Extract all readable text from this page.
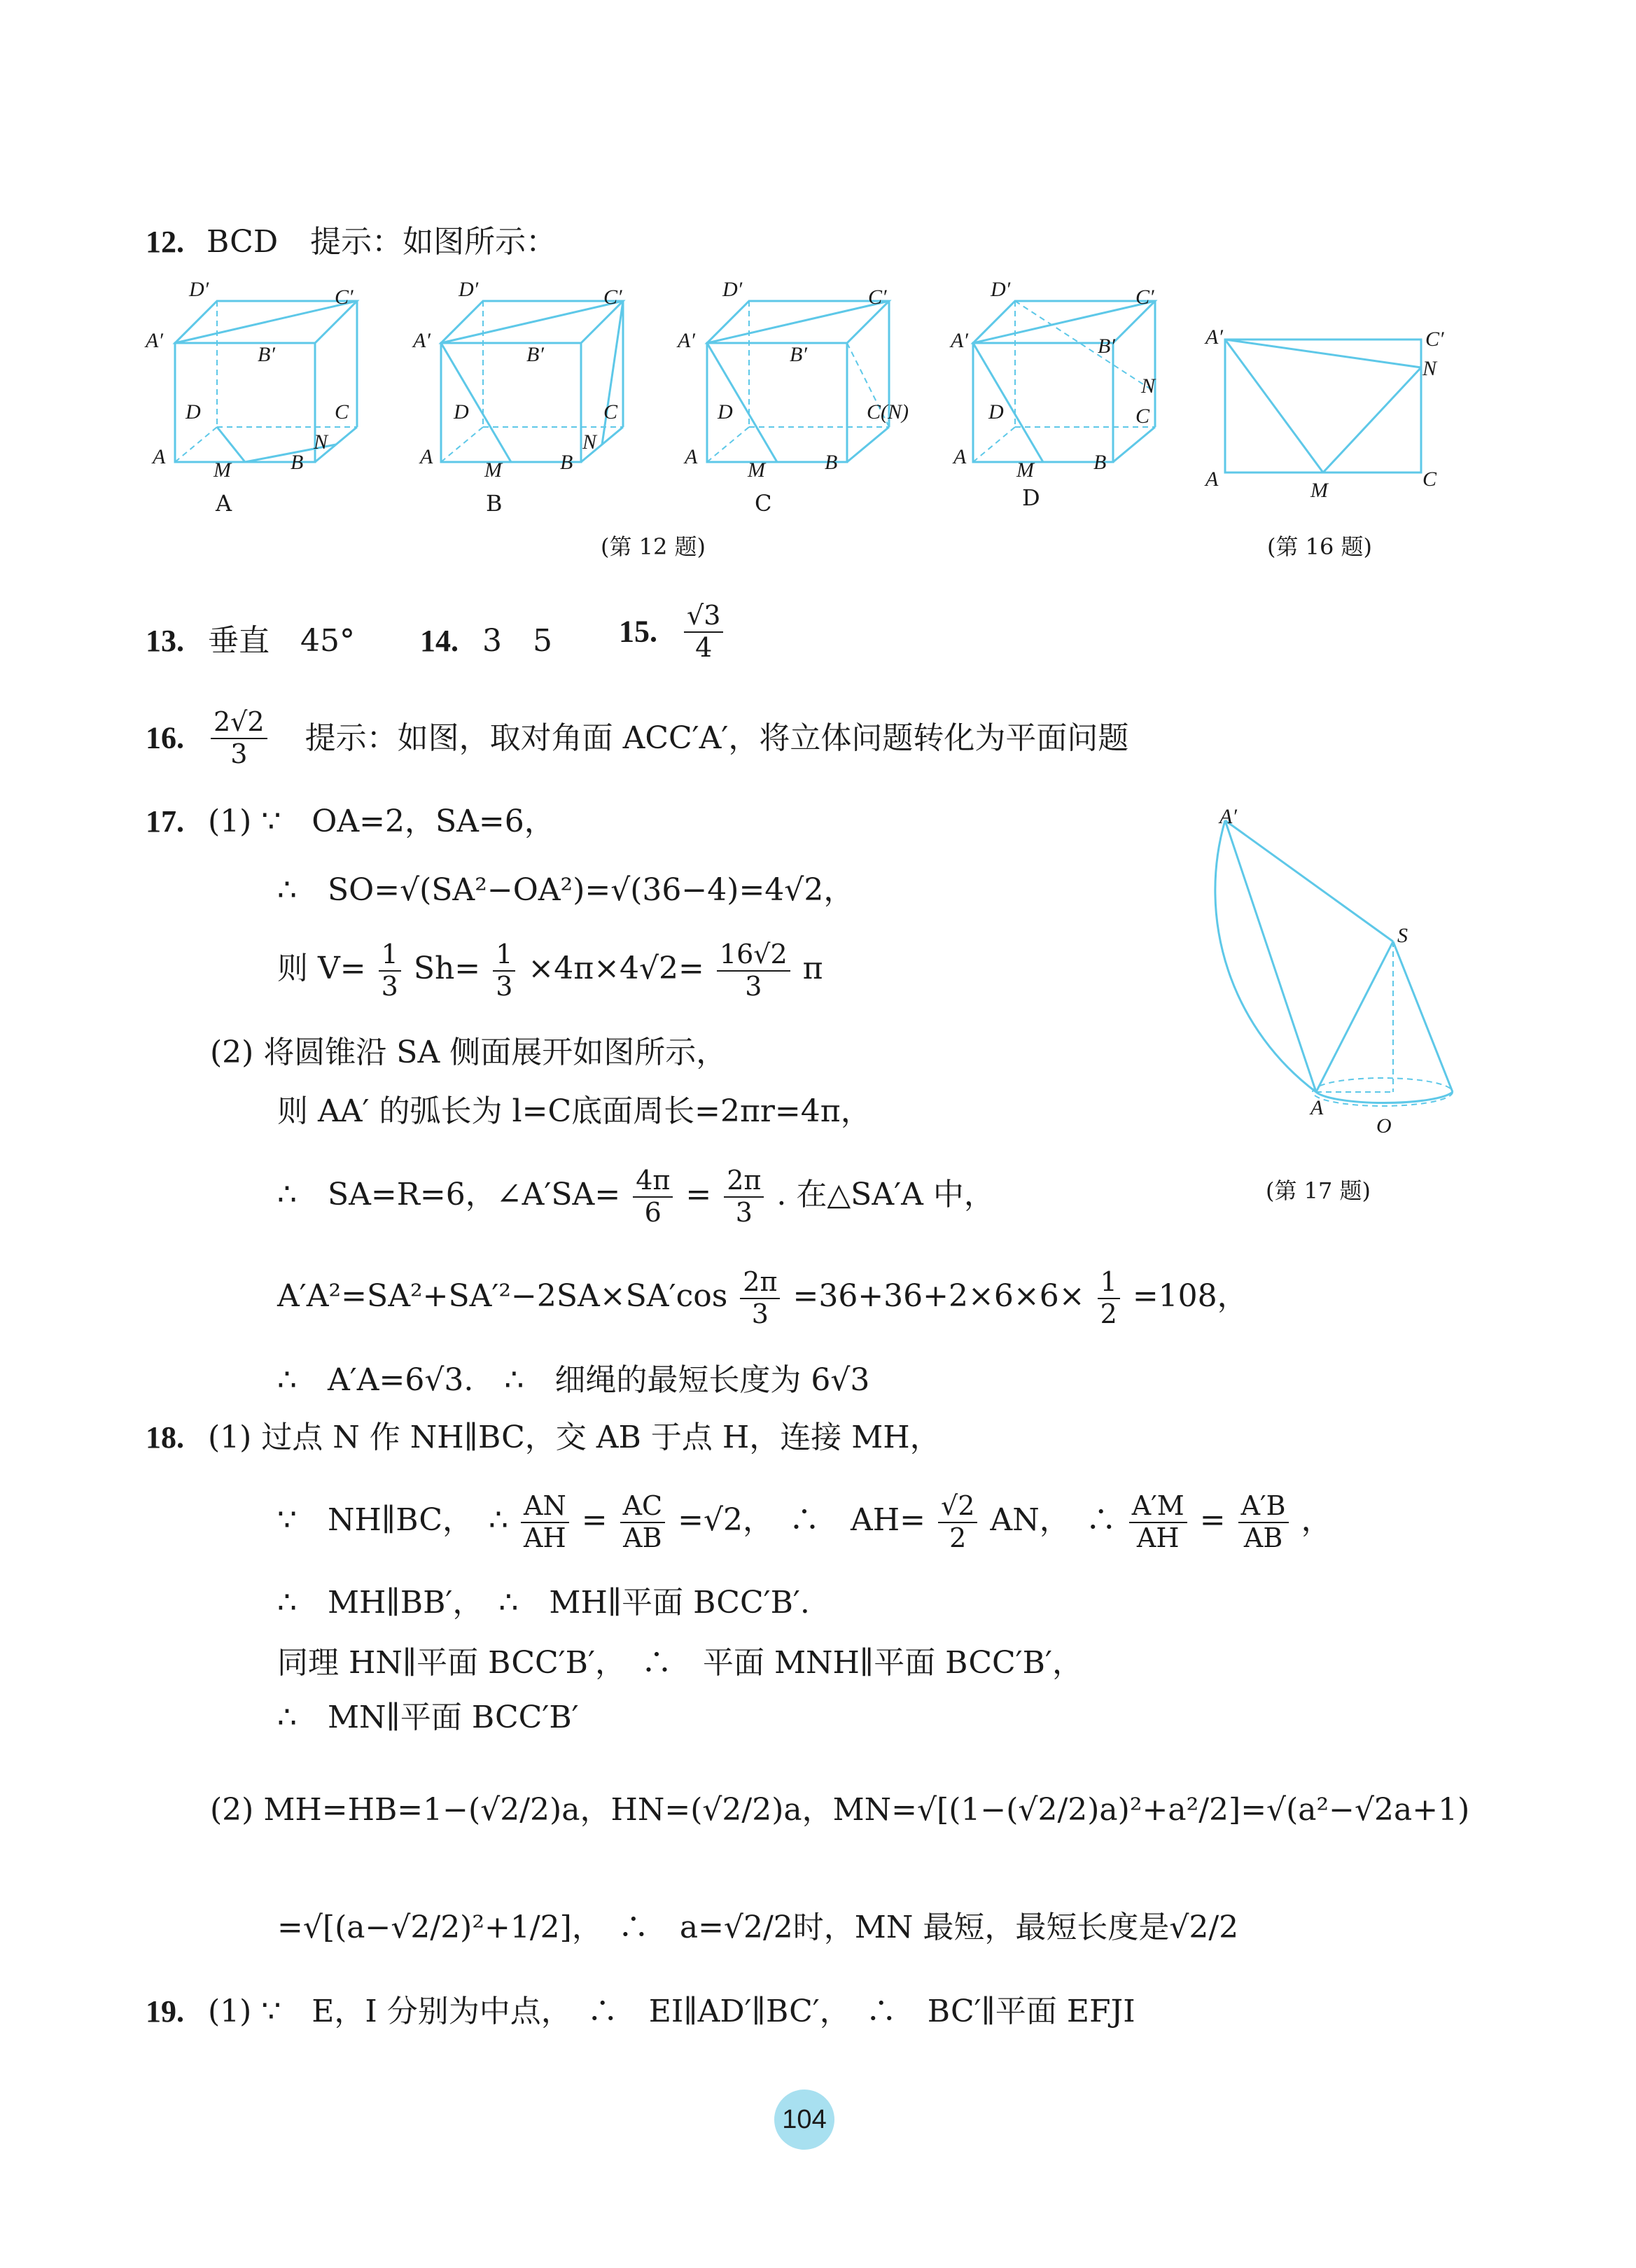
12. BCD 提示：如图所示：
D′	C′
A′
B′
D	C
A
M	B
N
A
D′	C′
A′
B′
D	C
A
M	B
N
B
D′	C′
A′
B′
D	C(N)
A
M	B
C
D′	C′
A′	B′
D
N
C
A
M	B
D
(第 12 题)
A′	C′
N
A	M	C
(第 16 题)
13. 垂直　45° 14. 3　5 15. $\frac{√3}{4}$
16. $\frac{2√2}{3}$ 提示：如图，取对角面 ACC′A′，将立体问题转化为平面问题
17. (1) ∵　OA=2，SA=6，
∴　SO=√(SA²−OA²)=√(36−4)=4√2，
则 $V= \frac{1}{3} Sh= \frac{1}{3} \times 4\pi\times 4√2= \frac{16√2}{3}$ π
(2) 将圆锥沿 SA 侧面展开如图所示，
则 AA′ 的弧长为 l=C底面周长=2πr=4π，
∴　SA=R=6，∠A′SA= $\frac{4\pi}{6} = \frac{2\pi}{3}$ . 在△SA′A 中，
$A'A^2=SA^2+SA'^2-2SA\times SA'\cos \frac{2\pi}{3} =36+36+2\times 6\times 6\times \frac{1}{2} =108$，
∴　A′A=6√3.　∴　细绳的最短长度为 6√3
A′
S
A
O
(第 17 题)
18. (1) 过点 N 作 NH∥BC，交 AB 于点 H，连接 MH，
∵　NH∥BC，　∴ $\frac{AN}{AH} = \frac{AC}{AB} =√2$，　∴　$AH= \frac{√2}{2}$ AN，　∴ $\frac{A'M}{AH} = \frac{A'B}{AB}$ ，
∴　MH∥BB′，　∴　MH∥平面 BCC′B′.
同理 HN∥平面 BCC′B′，　∴　平面 MNH∥平面 BCC′B′，
∴　MN∥平面 BCC′B′
(2) MH=HB=1−(√2/2)a，HN=(√2/2)a，MN=√[(1−(√2/2)a)²+a²/2]=√(a²−√2a+1)
=√[(a−√2/2)²+1/2]，　∴　a=√2/2时，MN 最短，最短长度是√2/2
19. (1) ∵　E，I 分别为中点，　∴　EI∥AD′∥BC′，　∴　BC′∥平面 EFJI
104
